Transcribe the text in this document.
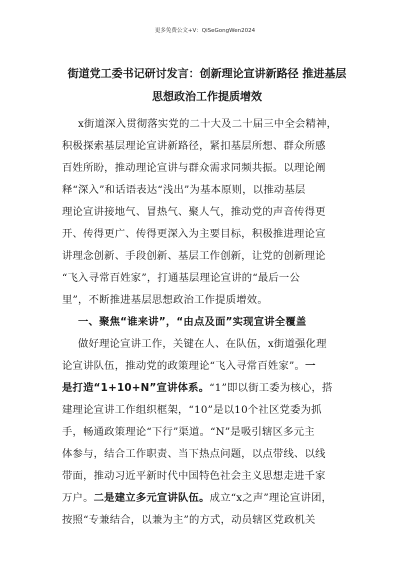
更多免费公文+V：QiSeGongWen2024
街道党工委书记研讨发言：创新理论宣讲新路径 推进基层
思想政治工作提质增效
x街道深入贯彻落实党的二十大及二十届三中全会精神，
积极探索基层理论宣讲新路径，紧扣基层所想、群众所感
百姓所盼，推动理论宣讲与群众需求同频共振。以理论阐
释“深入”和话语表达“浅出”为基本原则，以推动基层
理论宣讲接地气、冒热气、聚人气，推动党的声音传得更
开、传得更广、传得更深入为主要目标，积极推进理论宣
讲理念创新、手段创新、基层工作创新，让党的创新理论
“飞入寻常百姓家”，打通基层理论宣讲的“最后一公
里”，不断推进基层思想政治工作提质增效。
一、聚焦“谁来讲”，“由点及面”实现宣讲全覆盖
做好理论宣讲工作，关键在人、在队伍，x街道强化理
论宣讲队伍，推动党的政策理论“飞入寻常百姓家”。一
是打造“1+10+N”宣讲体系。“1”即以街工委为核心，搭
建理论宣讲工作组织框架，“10”是以10个社区党委为抓
手，畅通政策理论“下行”渠道。“N”是吸引辖区多元主
体参与，结合工作职责、当下热点问题，以点带线、以线
带面，推动习近平新时代中国特色社会主义思想走进千家
万户。二是建立多元宣讲队伍。成立“x之声”理论宣讲团，
按照“专兼结合，以兼为主”的方式，动员辖区党政机关
